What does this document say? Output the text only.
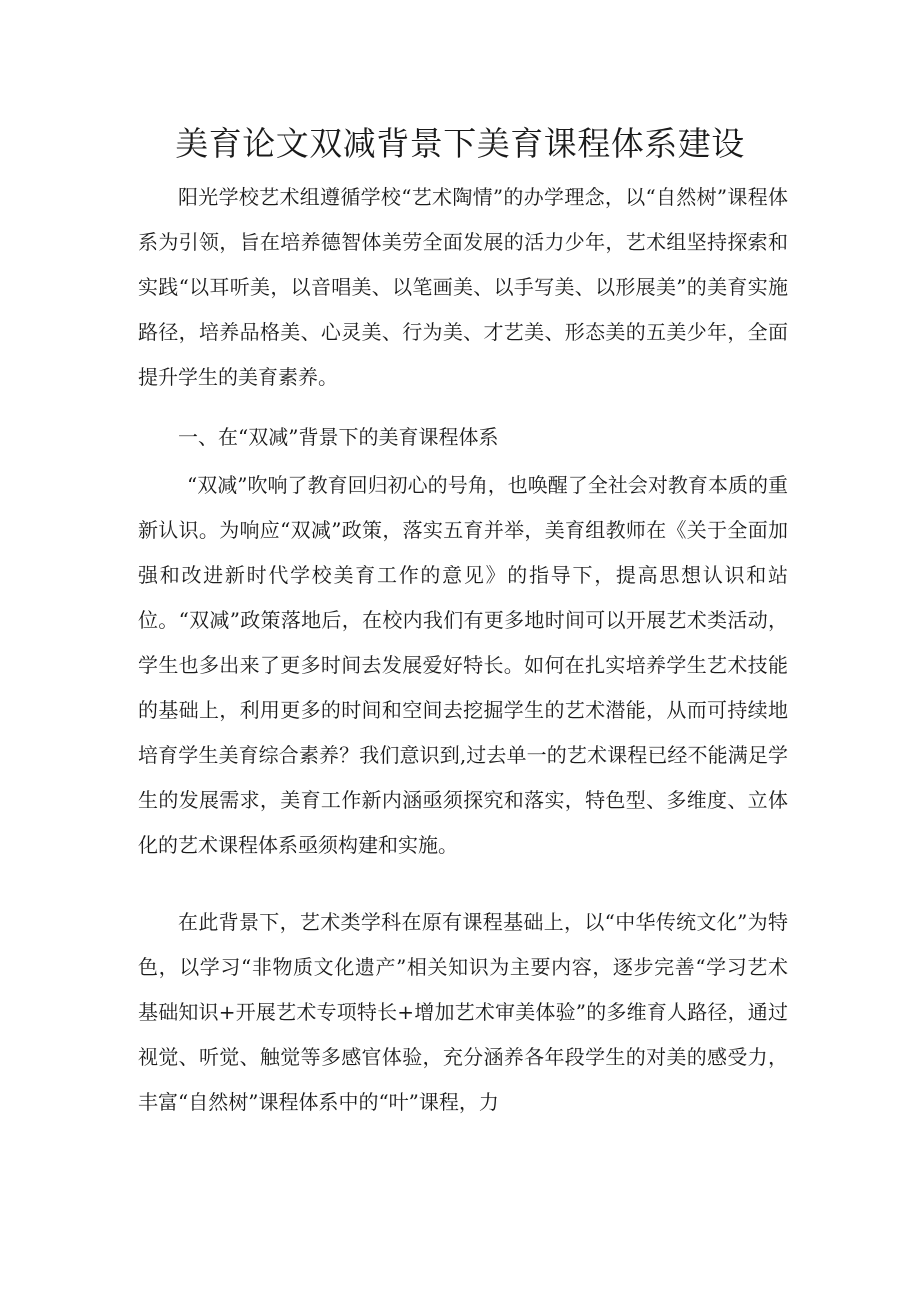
美育论文双减背景下美育课程体系建设

阳光学校艺术组遵循学校“艺术陶情”的办学理念，以“自然树”课程体系为引领，旨在培养德智体美劳全面发展的活力少年，艺术组坚持探索和实践“以耳听美，以音唱美、以笔画美、以手写美、以形展美”的美育实施路径，培养品格美、心灵美、行为美、才艺美、形态美的五美少年，全面提升学生的美育素养。

一、在“双减”背景下的美育课程体系

“双减”吹响了教育回归初心的号角，也唤醒了全社会对教育本质的重新认识。为响应“双减”政策，落实五育并举，美育组教师在《关于全面加强和改进新时代学校美育工作的意见》的指导下，提高思想认识和站位。“双减”政策落地后，在校内我们有更多地时间可以开展艺术类活动，学生也多出来了更多时间去发展爱好特长。如何在扎实培养学生艺术技能的基础上，利用更多的时间和空间去挖掘学生的艺术潜能，从而可持续地培育学生美育综合素养？我们意识到,过去单一的艺术课程已经不能满足学生的发展需求，美育工作新内涵亟须探究和落实，特色型、多维度、立体化的艺术课程体系亟须构建和实施。

在此背景下，艺术类学科在原有课程基础上，以“中华传统文化”为特色，以学习“非物质文化遗产”相关知识为主要内容，逐步完善“学习艺术基础知识+开展艺术专项特长+增加艺术审美体验”的多维育人路径，通过视觉、听觉、触觉等多感官体验，充分涵养各年段学生的对美的感受力，丰富“自然树”课程体系中的“叶”课程，力
